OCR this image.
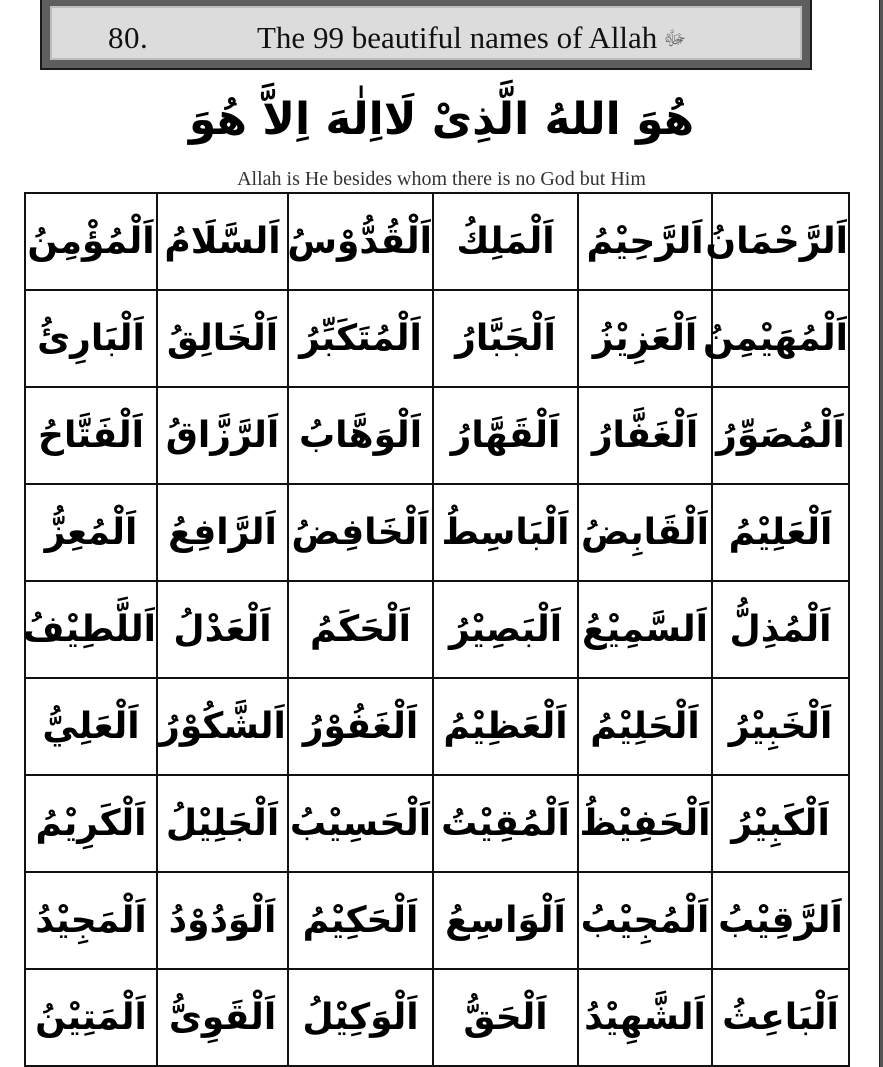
80.	The 99 beautiful names of Allah ﷻ
هُوَ اللهُ الَّذِىْ لَااِلٰهَ اِلاَّ هُوَ
Allah is He besides whom there is no God but Him
اَلرَّحْمَانُ	اَلرَّحِيْمُ	اَلْمَلِكُ	اَلْقُدُّوْسُ	اَلسَّلَامُ	اَلْمُؤْمِنُ
اَلْمُهَيْمِنُ	اَلْعَزِيْزُ	اَلْجَبَّارُ	اَلْمُتَكَبِّرُ	اَلْخَالِقُ	اَلْبَارِئُ
اَلْمُصَوِّرُ	اَلْغَفَّارُ	اَلْقَهَّارُ	اَلْوَهَّابُ	اَلرَّزَّاقُ	اَلْفَتَّاحُ
اَلْعَلِيْمُ	اَلْقَابِضُ	اَلْبَاسِطُ	اَلْخَافِضُ	اَلرَّافِعُ	اَلْمُعِزُّ
اَلْمُذِلُّ	اَلسَّمِيْعُ	اَلْبَصِيْرُ	اَلْحَكَمُ	اَلْعَدْلُ	اَللَّطِيْفُ
اَلْخَبِيْرُ	اَلْحَلِيْمُ	اَلْعَظِيْمُ	اَلْغَفُوْرُ	اَلشَّكُوْرُ	اَلْعَلِيُّ
اَلْكَبِيْرُ	اَلْحَفِيْظُ	اَلْمُقِيْتُ	اَلْحَسِيْبُ	اَلْجَلِيْلُ	اَلْكَرِيْمُ
اَلرَّقِيْبُ	اَلْمُجِيْبُ	اَلْوَاسِعُ	اَلْحَكِيْمُ	اَلْوَدُوْدُ	اَلْمَجِيْدُ
اَلْبَاعِثُ	اَلشَّهِيْدُ	اَلْحَقُّ	اَلْوَكِيْلُ	اَلْقَوِىُّ	اَلْمَتِيْنُ
